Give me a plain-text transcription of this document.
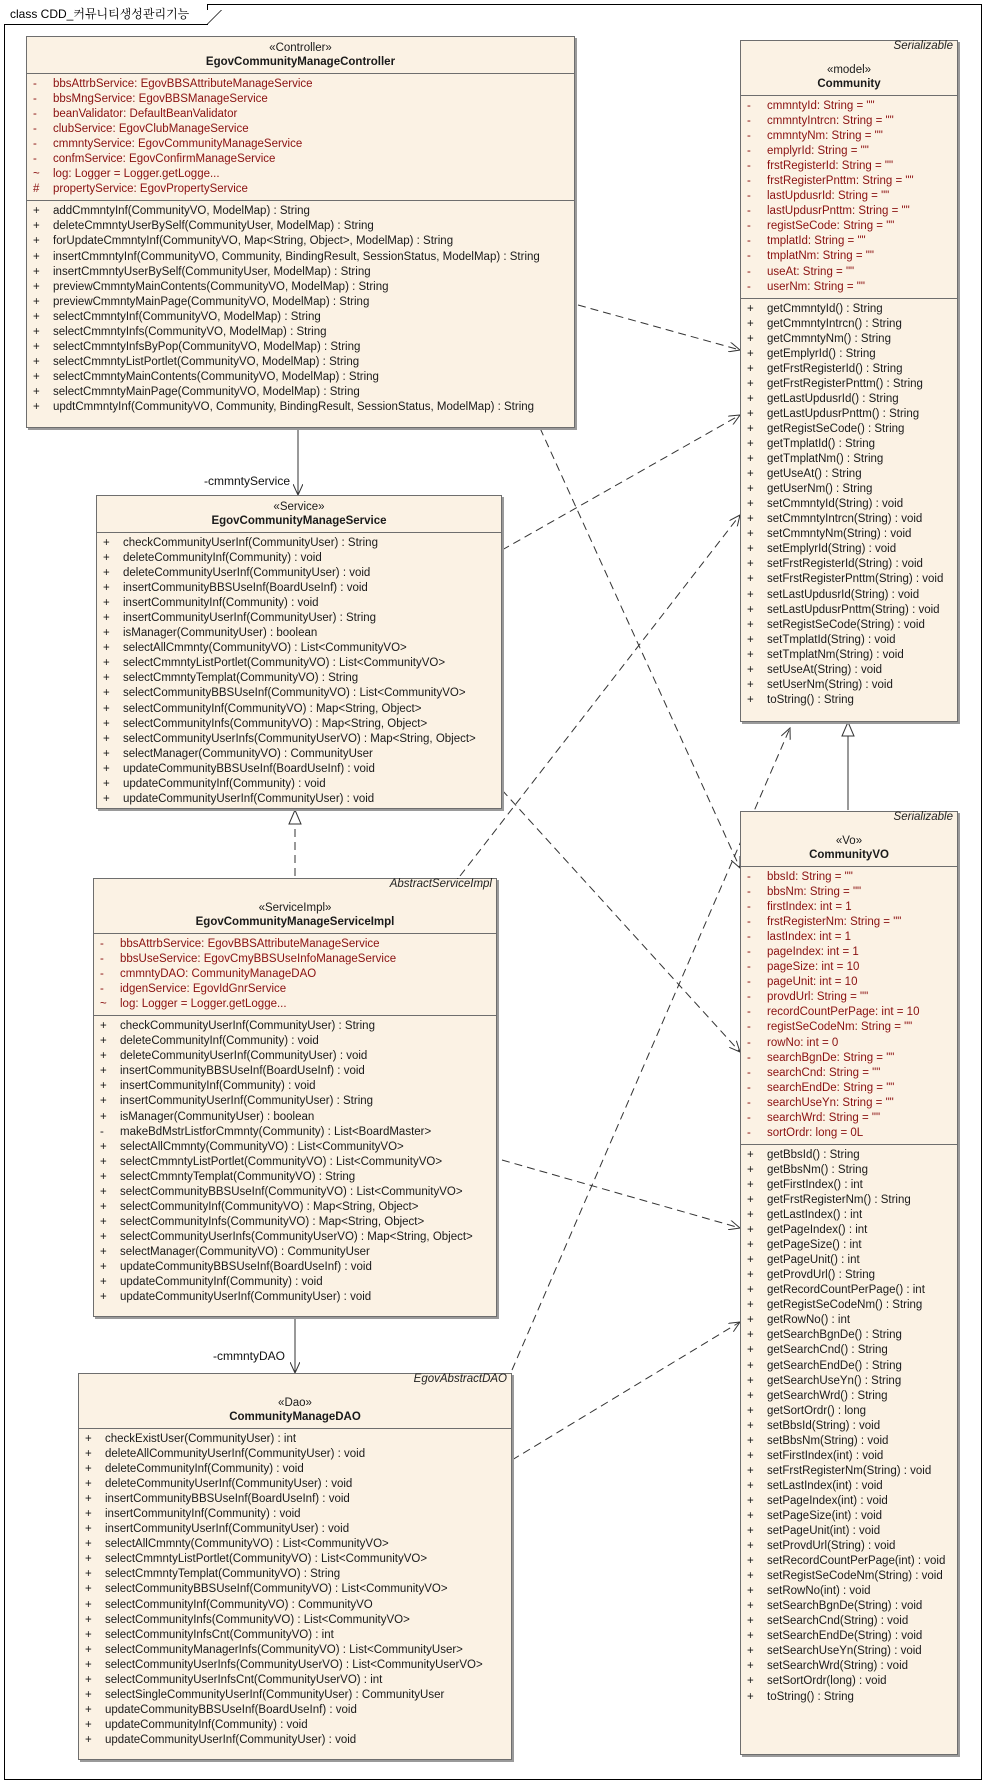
class CDD_커뮤니티생성관리기능
-cmmntyService
-cmmntyDAO
«Controller»
EgovCommunityManageController
-	bbsAttrbService: EgovBBSAttributeManageService
-	bbsMngService: EgovBBSManageService
-	beanValidator: DefaultBeanValidator
-	clubService: EgovClubManageService
-	cmmntyService: EgovCommunityManageService
-	confmService: EgovConfirmManageService
~	log: Logger = Logger.getLogge...
#	propertyService: EgovPropertyService
+	addCmmntyInf(CommunityVO, ModelMap) : String
+	deleteCmmntyUserBySelf(CommunityUser, ModelMap) : String
+	forUpdateCmmntyInf(CommunityVO, Map<String, Object>, ModelMap) : String
+	insertCmmntyInf(CommunityVO, Community, BindingResult, SessionStatus, ModelMap) : String
+	insertCmmntyUserBySelf(CommunityUser, ModelMap) : String
+	previewCmmntyMainContents(CommunityVO, ModelMap) : String
+	previewCmmntyMainPage(CommunityVO, ModelMap) : String
+	selectCmmntyInf(CommunityVO, ModelMap) : String
+	selectCmmntyInfs(CommunityVO, ModelMap) : String
+	selectCmmntyInfsByPop(CommunityVO, ModelMap) : String
+	selectCmmntyListPortlet(CommunityVO, ModelMap) : String
+	selectCmmntyMainContents(CommunityVO, ModelMap) : String
+	selectCmmntyMainPage(CommunityVO, ModelMap) : String
+	updtCmmntyInf(CommunityVO, Community, BindingResult, SessionStatus, ModelMap) : String
«Service»
EgovCommunityManageService
+	checkCommunityUserInf(CommunityUser) : String
+	deleteCommunityInf(Community) : void
+	deleteCommunityUserInf(CommunityUser) : void
+	insertCommunityBBSUseInf(BoardUseInf) : void
+	insertCommunityInf(Community) : void
+	insertCommunityUserInf(CommunityUser) : String
+	isManager(CommunityUser) : boolean
+	selectAllCmmnty(CommunityVO) : List<CommunityVO>
+	selectCmmntyListPortlet(CommunityVO) : List<CommunityVO>
+	selectCmmntyTemplat(CommunityVO) : String
+	selectCommunityBBSUseInf(CommunityVO) : List<CommunityVO>
+	selectCommunityInf(CommunityVO) : Map<String, Object>
+	selectCommunityInfs(CommunityVO) : Map<String, Object>
+	selectCommunityUserInfs(CommunityUserVO) : Map<String, Object>
+	selectManager(CommunityVO) : CommunityUser
+	updateCommunityBBSUseInf(BoardUseInf) : void
+	updateCommunityInf(Community) : void
+	updateCommunityUserInf(CommunityUser) : void
AbstractServiceImpl
«ServiceImpl»
EgovCommunityManageServiceImpl
-	bbsAttrbService: EgovBBSAttributeManageService
-	bbsUseService: EgovCmyBBSUseInfoManageService
-	cmmntyDAO: CommunityManageDAO
-	idgenService: EgovIdGnrService
~	log: Logger = Logger.getLogge...
+	checkCommunityUserInf(CommunityUser) : String
+	deleteCommunityInf(Community) : void
+	deleteCommunityUserInf(CommunityUser) : void
+	insertCommunityBBSUseInf(BoardUseInf) : void
+	insertCommunityInf(Community) : void
+	insertCommunityUserInf(CommunityUser) : String
+	isManager(CommunityUser) : boolean
-	makeBdMstrListforCmmnty(Community) : List<BoardMaster>
+	selectAllCmmnty(CommunityVO) : List<CommunityVO>
+	selectCmmntyListPortlet(CommunityVO) : List<CommunityVO>
+	selectCmmntyTemplat(CommunityVO) : String
+	selectCommunityBBSUseInf(CommunityVO) : List<CommunityVO>
+	selectCommunityInf(CommunityVO) : Map<String, Object>
+	selectCommunityInfs(CommunityVO) : Map<String, Object>
+	selectCommunityUserInfs(CommunityUserVO) : Map<String, Object>
+	selectManager(CommunityVO) : CommunityUser
+	updateCommunityBBSUseInf(BoardUseInf) : void
+	updateCommunityInf(Community) : void
+	updateCommunityUserInf(CommunityUser) : void
EgovAbstractDAO
«Dao»
CommunityManageDAO
+	checkExistUser(CommunityUser) : int
+	deleteAllCommunityUserInf(CommunityUser) : void
+	deleteCommunityInf(Community) : void
+	deleteCommunityUserInf(CommunityUser) : void
+	insertCommunityBBSUseInf(BoardUseInf) : void
+	insertCommunityInf(Community) : void
+	insertCommunityUserInf(CommunityUser) : void
+	selectAllCmmnty(CommunityVO) : List<CommunityVO>
+	selectCmmntyListPortlet(CommunityVO) : List<CommunityVO>
+	selectCmmntyTemplat(CommunityVO) : String
+	selectCommunityBBSUseInf(CommunityVO) : List<CommunityVO>
+	selectCommunityInf(CommunityVO) : CommunityVO
+	selectCommunityInfs(CommunityVO) : List<CommunityVO>
+	selectCommunityInfsCnt(CommunityVO) : int
+	selectCommunityManagerInfs(CommunityVO) : List<CommunityUser>
+	selectCommunityUserInfs(CommunityUserVO) : List<CommunityUserVO>
+	selectCommunityUserInfsCnt(CommunityUserVO) : int
+	selectSingleCommunityUserInf(CommunityUser) : CommunityUser
+	updateCommunityBBSUseInf(BoardUseInf) : void
+	updateCommunityInf(Community) : void
+	updateCommunityUserInf(CommunityUser) : void
Serializable
«model»
Community
-	cmmntyId: String = ""
-	cmmntyIntrcn: String = ""
-	cmmntyNm: String = ""
-	emplyrId: String = ""
-	frstRegisterId: String = ""
-	frstRegisterPnttm: String = ""
-	lastUpdusrId: String = ""
-	lastUpdusrPnttm: String = ""
-	registSeCode: String = ""
-	tmplatId: String = ""
-	tmplatNm: String = ""
-	useAt: String = ""
-	userNm: String = ""
+	getCmmntyId() : String
+	getCmmntyIntrcn() : String
+	getCmmntyNm() : String
+	getEmplyrId() : String
+	getFrstRegisterId() : String
+	getFrstRegisterPnttm() : String
+	getLastUpdusrId() : String
+	getLastUpdusrPnttm() : String
+	getRegistSeCode() : String
+	getTmplatId() : String
+	getTmplatNm() : String
+	getUseAt() : String
+	getUserNm() : String
+	setCmmntyId(String) : void
+	setCmmntyIntrcn(String) : void
+	setCmmntyNm(String) : void
+	setEmplyrId(String) : void
+	setFrstRegisterId(String) : void
+	setFrstRegisterPnttm(String) : void
+	setLastUpdusrId(String) : void
+	setLastUpdusrPnttm(String) : void
+	setRegistSeCode(String) : void
+	setTmplatId(String) : void
+	setTmplatNm(String) : void
+	setUseAt(String) : void
+	setUserNm(String) : void
+	toString() : String
Serializable
«Vo»
CommunityVO
-	bbsId: String = ""
-	bbsNm: String = ""
-	firstIndex: int = 1
-	frstRegisterNm: String = ""
-	lastIndex: int = 1
-	pageIndex: int = 1
-	pageSize: int = 10
-	pageUnit: int = 10
-	provdUrl: String = ""
-	recordCountPerPage: int = 10
-	registSeCodeNm: String = ""
-	rowNo: int = 0
-	searchBgnDe: String = ""
-	searchCnd: String = ""
-	searchEndDe: String = ""
-	searchUseYn: String = ""
-	searchWrd: String = ""
-	sortOrdr: long = 0L
+	getBbsId() : String
+	getBbsNm() : String
+	getFirstIndex() : int
+	getFrstRegisterNm() : String
+	getLastIndex() : int
+	getPageIndex() : int
+	getPageSize() : int
+	getPageUnit() : int
+	getProvdUrl() : String
+	getRecordCountPerPage() : int
+	getRegistSeCodeNm() : String
+	getRowNo() : int
+	getSearchBgnDe() : String
+	getSearchCnd() : String
+	getSearchEndDe() : String
+	getSearchUseYn() : String
+	getSearchWrd() : String
+	getSortOrdr() : long
+	setBbsId(String) : void
+	setBbsNm(String) : void
+	setFirstIndex(int) : void
+	setFrstRegisterNm(String) : void
+	setLastIndex(int) : void
+	setPageIndex(int) : void
+	setPageSize(int) : void
+	setPageUnit(int) : void
+	setProvdUrl(String) : void
+	setRecordCountPerPage(int) : void
+	setRegistSeCodeNm(String) : void
+	setRowNo(int) : void
+	setSearchBgnDe(String) : void
+	setSearchCnd(String) : void
+	setSearchEndDe(String) : void
+	setSearchUseYn(String) : void
+	setSearchWrd(String) : void
+	setSortOrdr(long) : void
+	toString() : String
